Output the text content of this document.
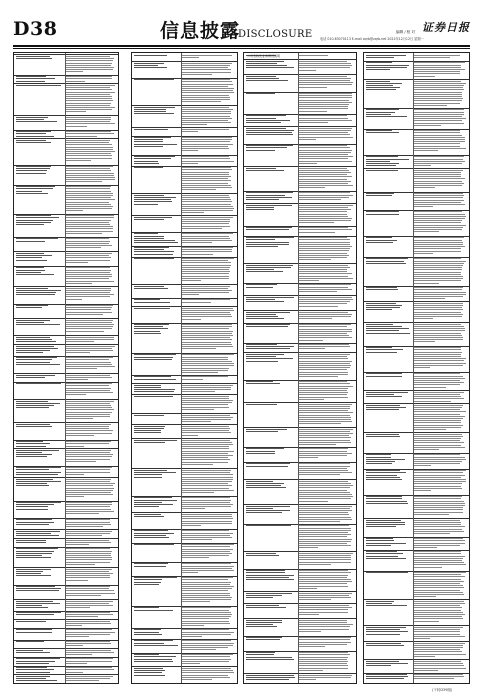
D38	信息披露
DISCLOSURE	编辑 / 校 对
电话 010-63070113 E-mail zqrb@zqrb.net 2022年12月12日 星期一
证券日报
公司名称及业务情况说明
(下转D39版)
